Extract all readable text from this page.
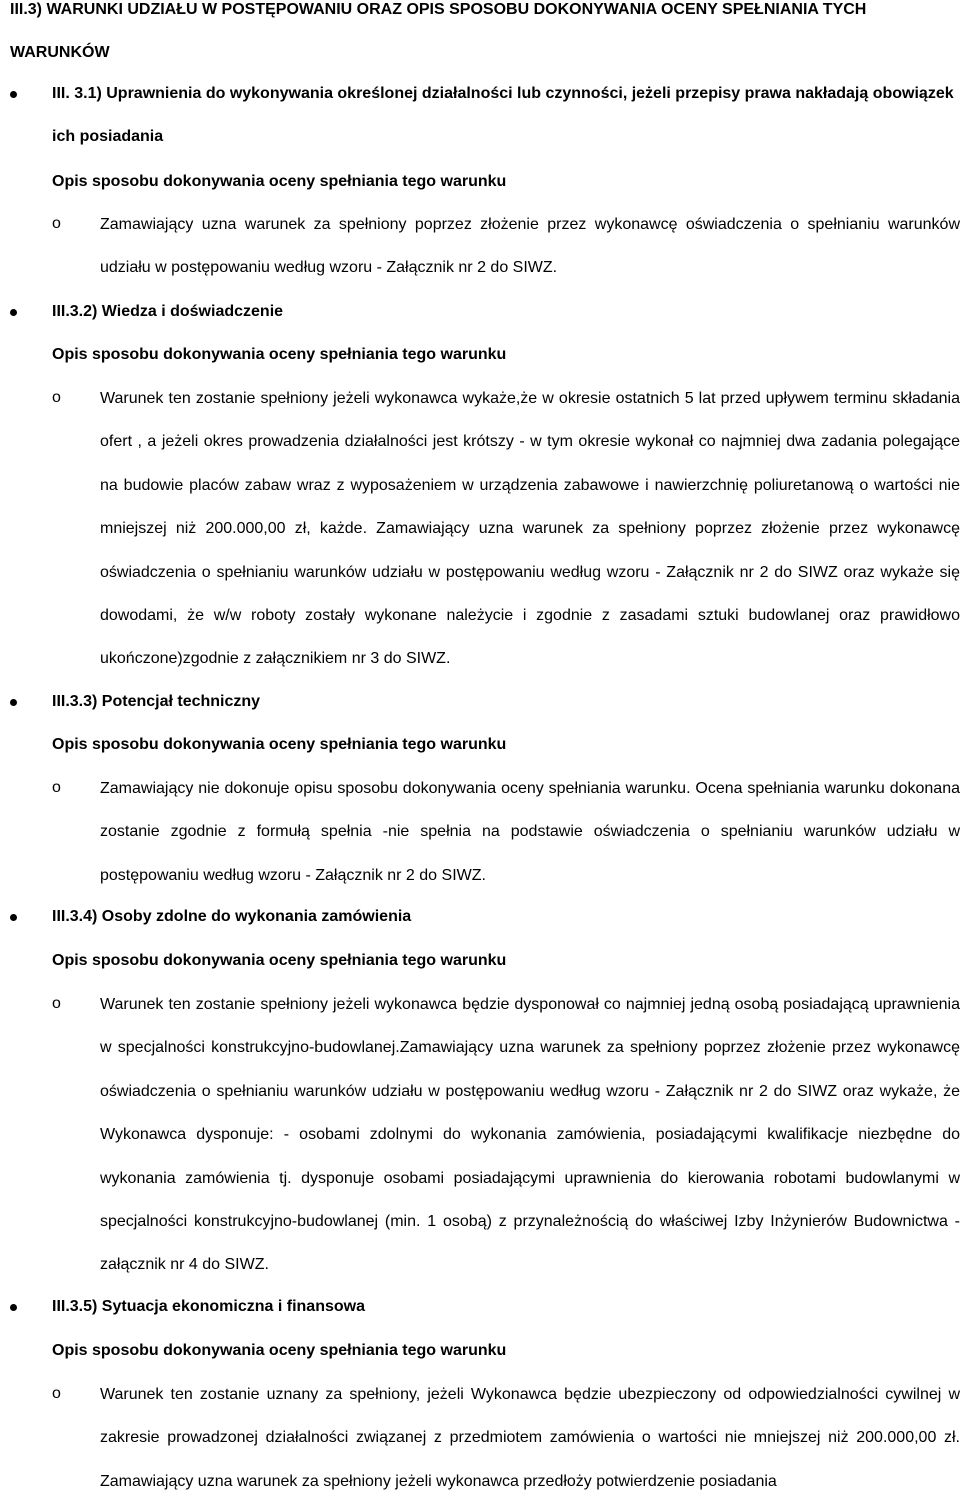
III.3) WARUNKI UDZIAŁU W POSTĘPOWANIU ORAZ OPIS SPOSOBU DOKONYWANIA OCENY SPEŁNIANIA TYCH WARUNKÓW
III. 3.1) Uprawnienia do wykonywania określonej działalności lub czynności, jeżeli przepisy prawa nakładają obowiązek ich posiadania
Opis sposobu dokonywania oceny spełniania tego warunku
o Zamawiający uzna warunek za spełniony poprzez złożenie przez wykonawcę oświadczenia o spełnianiu warunków udziału w postępowaniu według wzoru - Załącznik nr 2 do SIWZ.
III.3.2) Wiedza i doświadczenie
Opis sposobu dokonywania oceny spełniania tego warunku
o Warunek ten zostanie spełniony jeżeli wykonawca wykaże,że w okresie ostatnich 5 lat przed upływem terminu składania ofert , a jeżeli okres prowadzenia działalności jest krótszy - w tym okresie wykonał co najmniej dwa zadania polegające na budowie placów zabaw wraz z wyposażeniem w urządzenia zabawowe i nawierzchnię poliuretanową o wartości nie mniejszej niż 200.000,00 zł, każde. Zamawiający uzna warunek za spełniony poprzez złożenie przez wykonawcę oświadczenia o spełnianiu warunków udziału w postępowaniu według wzoru - Załącznik nr 2 do SIWZ oraz wykaże się dowodami, że w/w roboty zostały wykonane należycie i zgodnie z zasadami sztuki budowlanej oraz prawidłowo ukończone)zgodnie z załącznikiem nr 3 do SIWZ.
III.3.3) Potencjał techniczny
Opis sposobu dokonywania oceny spełniania tego warunku
o Zamawiający nie dokonuje opisu sposobu dokonywania oceny spełniania warunku. Ocena spełniania warunku dokonana zostanie zgodnie z formułą spełnia -nie spełnia na podstawie oświadczenia o spełnianiu warunków udziału w postępowaniu według wzoru - Załącznik nr 2 do SIWZ.
III.3.4) Osoby zdolne do wykonania zamówienia
Opis sposobu dokonywania oceny spełniania tego warunku
o Warunek ten zostanie spełniony jeżeli wykonawca będzie dysponował co najmniej jedną osobą posiadającą uprawnienia w specjalności konstrukcyjno-budowlanej.Zamawiający uzna warunek za spełniony poprzez złożenie przez wykonawcę oświadczenia o spełnianiu warunków udziału w postępowaniu według wzoru - Załącznik nr 2 do SIWZ oraz wykaże, że Wykonawca dysponuje: - osobami zdolnymi do wykonania zamówienia, posiadającymi kwalifikacje niezbędne do wykonania zamówienia tj. dysponuje osobami posiadającymi uprawnienia do kierowania robotami budowlanymi w specjalności konstrukcyjno-budowlanej (min. 1 osobą) z przynależnością do właściwej Izby Inżynierów Budownictwa - załącznik nr 4 do SIWZ.
III.3.5) Sytuacja ekonomiczna i finansowa
Opis sposobu dokonywania oceny spełniania tego warunku
o Warunek ten zostanie uznany za spełniony, jeżeli Wykonawca będzie ubezpieczony od odpowiedzialności cywilnej w zakresie prowadzonej działalności związanej z przedmiotem zamówienia o wartości nie mniejszej niż 200.000,00 zł. Zamawiający uzna warunek za spełniony jeżeli wykonawca przedłoży potwierdzenie posiadania
